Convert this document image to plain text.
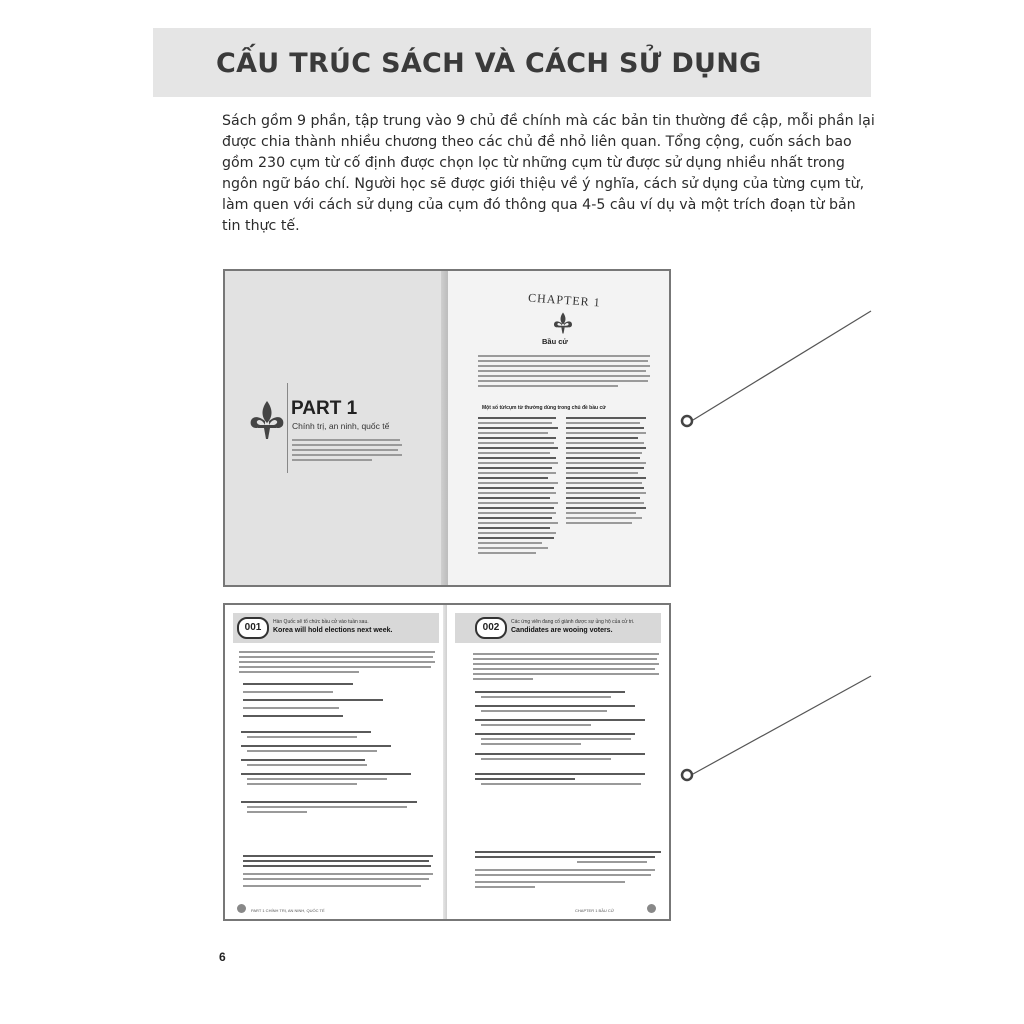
CẤU TRÚC SÁCH VÀ CÁCH SỬ DỤNG
Sách gồm 9 phần, tập trung vào 9 chủ đề chính mà các bản tin thường đề cập, mỗi phần lại
được chia thành nhiều chương theo các chủ đề nhỏ liên quan. Tổng cộng, cuốn sách bao
gồm 230 cụm từ cố định được chọn lọc từ những cụm từ được sử dụng nhiều nhất trong
ngôn ngữ báo chí. Người học sẽ được giới thiệu về ý nghĩa, cách sử dụng của từng cụm từ,
làm quen với cách sử dụng của cụm đó thông qua 4-5 câu ví dụ và một trích đoạn từ bản
tin thực tế.
PART 1
Chính trị, an ninh, quốc tế
CHAPTER 1
Bầu cử
Một số từ/cụm từ thường dùng trong chủ đề bầu cử
001	Hàn Quốc sẽ tổ chức bầu cử vào tuần sau.
Korea will hold elections next week.
PART 1 CHÍNH TRỊ, AN NINH, QUỐC TẾ
002	Các ứng viên đang cố giành được sự ủng hộ của cử tri.
Candidates are wooing voters.
CHAPTER 1 BẦU CỬ
6
